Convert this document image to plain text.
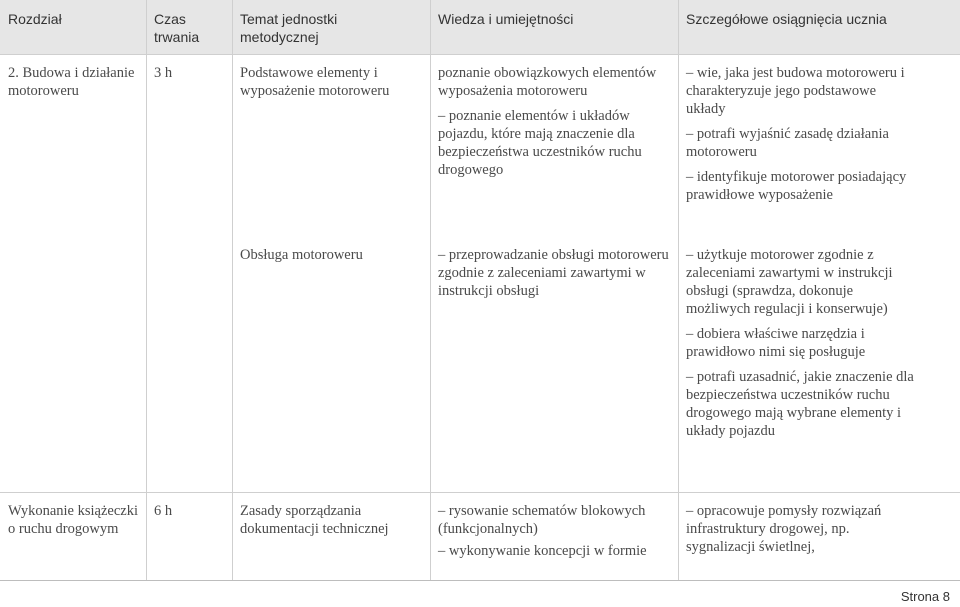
Rozdział	Czas trwania
Temat jednostki metodycznej
Wiedza i umiejętności	Szczegółowe osiągnięcia ucznia
2. Budowa i działanie motoroweru
3 h	Podstawowe elementy i wyposażenie motoroweru

poznanie obowiązkowych elementów wyposażenia motoroweru

– poznanie elementów i układów pojazdu, które mają znaczenie dla bezpieczeństwa uczestników ruchu drogowego

– wie, jaka jest budowa motoroweru i charakteryzuje jego podstawowe układy

– potrafi wyjaśnić zasadę działania motoroweru

– identyfikuje motorower posiadający prawidłowe wyposażenie

Obsługa motoroweru

–	przeprowadzanie obsługi motoroweru zgodnie z zaleceniami zawartymi w instrukcji obsługi

– użytkuje motorower zgodnie z zaleceniami zawartymi w instrukcji obsługi (sprawdza, dokonuje możliwych regulacji i konserwuje)

– dobiera właściwe narzędzia i prawidłowo nimi się posługuje

– potrafi uzasadnić, jakie znaczenie dla bezpieczeństwa uczestników ruchu drogowego mają wybrane elementy i układy pojazdu

Wykonanie książeczki o ruchu drogowym
6 h	Zasady sporządzania dokumentacji technicznej

– rysowanie schematów blokowych (funkcjonalnych)

– wykonywanie koncepcji w formie

– opracowuje pomysły rozwiązań infrastruktury drogowej, np. sygnalizacji świetlnej,

Strona 8
